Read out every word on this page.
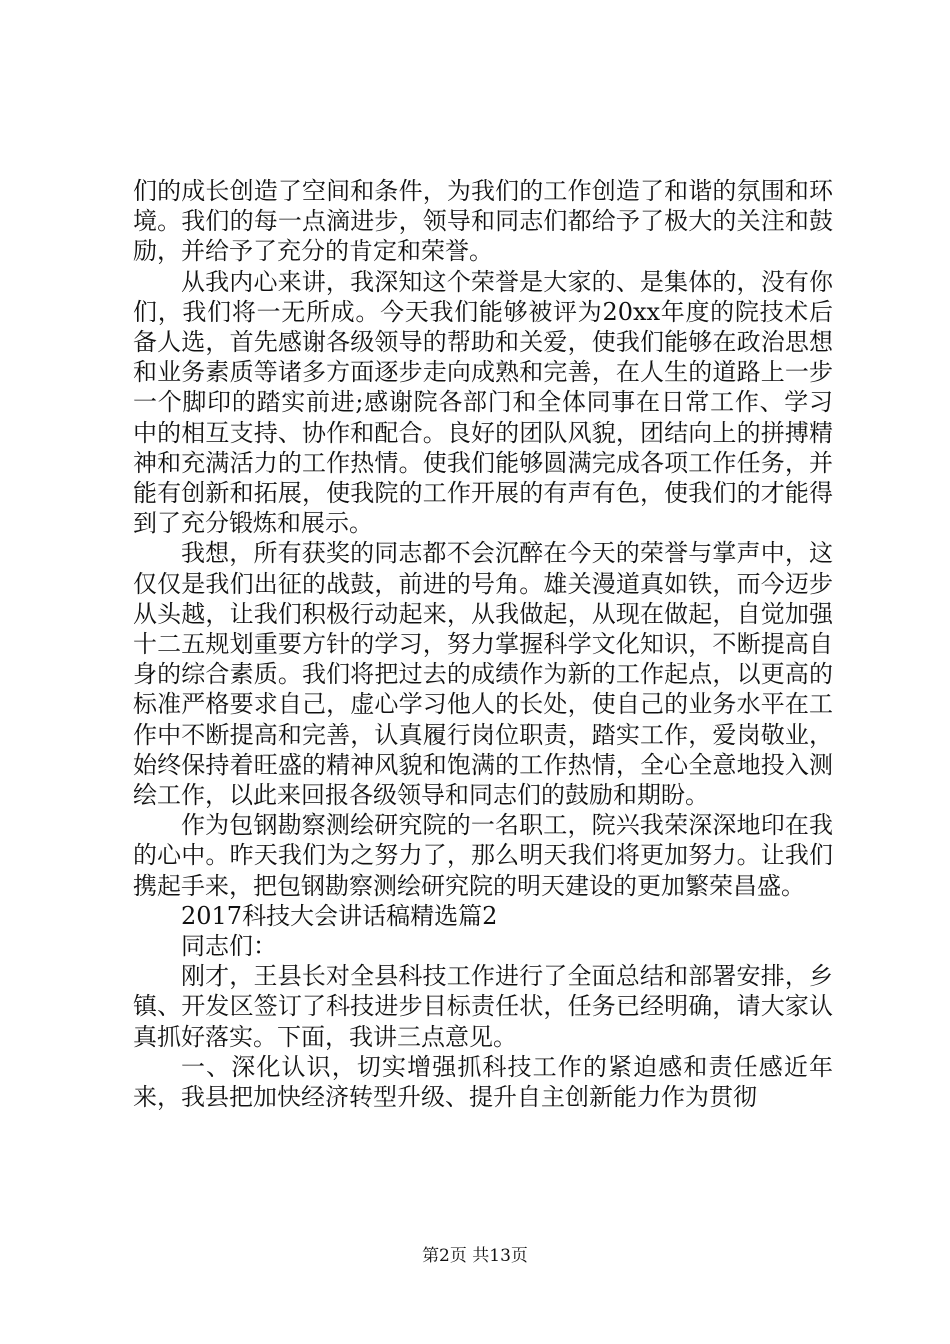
们的成长创造了空间和条件，为我们的工作创造了和谐的氛围和环境。我们的每一点滴进步，领导和同志们都给予了极大的关注和鼓励，并给予了充分的肯定和荣誉。

从我内心来讲，我深知这个荣誉是大家的、是集体的，没有你们，我们将一无所成。今天我们能够被评为20xx年度的院技术后备人选，首先感谢各级领导的帮助和关爱，使我们能够在政治思想和业务素质等诸多方面逐步走向成熟和完善，在人生的道路上一步一个脚印的踏实前进;感谢院各部门和全体同事在日常工作、学习中的相互支持、协作和配合。良好的团队风貌，团结向上的拼搏精神和充满活力的工作热情。使我们能够圆满完成各项工作任务，并能有创新和拓展，使我院的工作开展的有声有色，使我们的才能得到了充分锻炼和展示。

我想，所有获奖的同志都不会沉醉在今天的荣誉与掌声中，这仅仅是我们出征的战鼓，前进的号角。雄关漫道真如铁，而今迈步从头越，让我们积极行动起来，从我做起，从现在做起，自觉加强十二五规划重要方针的学习，努力掌握科学文化知识，不断提高自身的综合素质。我们将把过去的成绩作为新的工作起点，以更高的标准严格要求自己，虚心学习他人的长处，使自己的业务水平在工作中不断提高和完善，认真履行岗位职责，踏实工作，爱岗敬业，始终保持着旺盛的精神风貌和饱满的工作热情，全心全意地投入测绘工作，以此来回报各级领导和同志们的鼓励和期盼。

作为包钢勘察测绘研究院的一名职工，院兴我荣深深地印在我的心中。昨天我们为之努力了，那么明天我们将更加努力。让我们携起手来，把包钢勘察测绘研究院的明天建设的更加繁荣昌盛。

2017科技大会讲话稿精选篇2

同志们：

刚才，王县长对全县科技工作进行了全面总结和部署安排，乡镇、开发区签订了科技进步目标责任状，任务已经明确，请大家认真抓好落实。下面，我讲三点意见。

一、深化认识，切实增强抓科技工作的紧迫感和责任感近年来，我县把加快经济转型升级、提升自主创新能力作为贯彻

第2页 共13页
